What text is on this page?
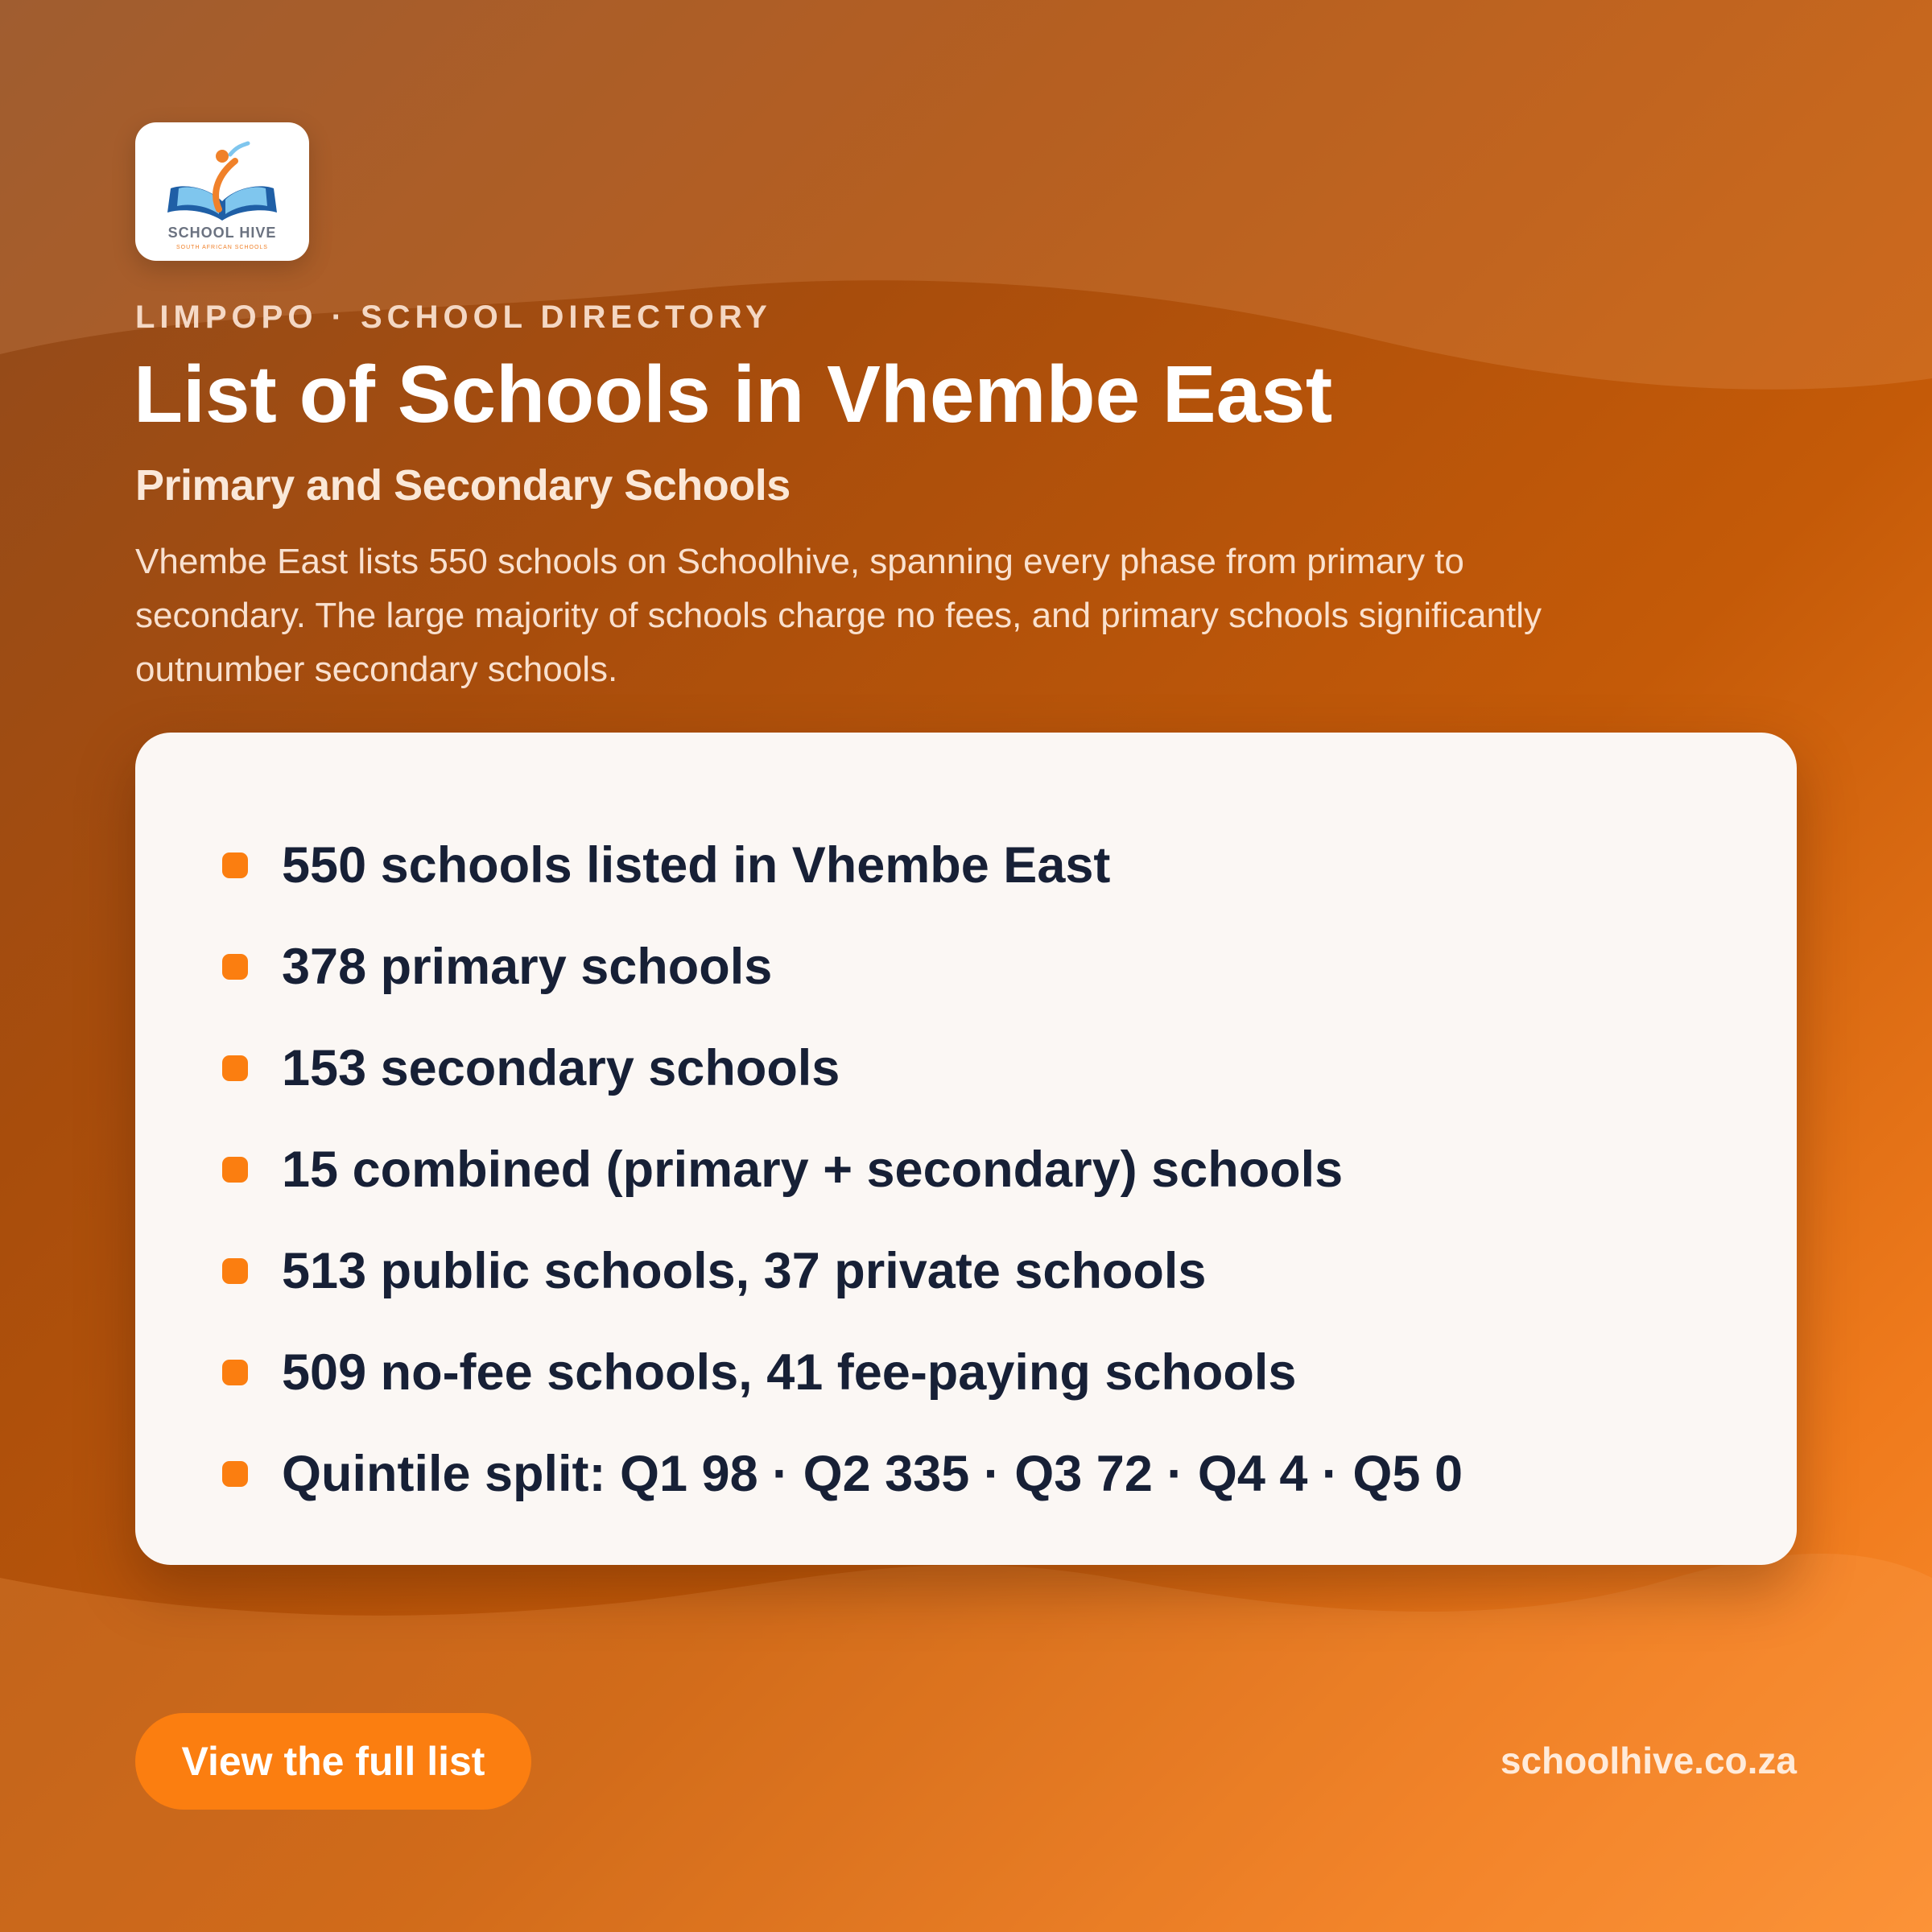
SCHOOL HIVE
SOUTH AFRICAN SCHOOLS
LIMPOPO · SCHOOL DIRECTORY
List of Schools in Vhembe East
Primary and Secondary Schools

Vhembe East lists 550 schools on Schoolhive, spanning every phase from primary to secondary. The large majority of schools charge no fees, and primary schools significantly outnumber secondary schools.

550 schools listed in Vhembe East
378 primary schools
153 secondary schools
15 combined (primary + secondary) schools
513 public schools, 37 private schools
509 no-fee schools, 41 fee-paying schools
Quintile split: Q1 98 · Q2 335 · Q3 72 · Q4 4 · Q5 0
View the full list	schoolhive.co.za
